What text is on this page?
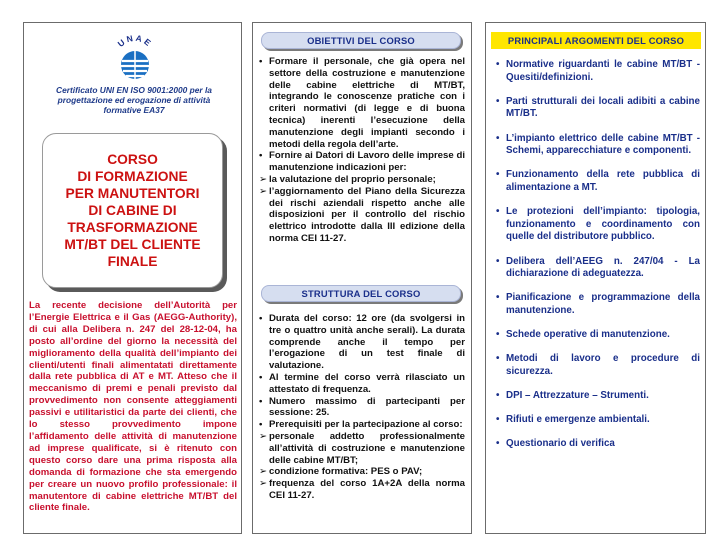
UNAE
Certificato UNI EN ISO 9001:2000 per la progettazione ed erogazione di attività formative EA37
CORSO
DI FORMAZIONE
PER MANUTENTORI
DI CABINE DI
TRASFORMAZIONE
MT/BT DEL CLIENTE
FINALE
La recente decisione dell’Autorità per l’Energie Elettrica e il Gas (AEGG-Authority), di cui alla Delibera n. 247 del 28-12-04, ha posto all’ordine del giorno la necessità del miglioramento della qualità dell’impianto dei clienti/utenti finali alimentatati direttamente dalla rete pubblica di AT e MT. Atteso che il meccanismo di premi e penali previsto dal provvedimento non consente atteggiamenti passivi e utilitaristici da parte dei clienti, che lo stesso provvedimento impone l’affidamento delle attività di manutenzione ad imprese qualificate, si è ritenuto con questo corso dare una prima risposta alla domanda di formazione che sta emergendo per creare un nuovo profilo professionale: il manutentore di cabine elettriche MT/BT del cliente finale.
OBIETTIVI DEL CORSO
• Formare il personale, che già opera nel settore della costruzione e manutenzione delle cabine elettriche di MT/BT, integrando le conoscenze pratiche con i criteri normativi (di legge e di buona tecnica) inerenti l’esecuzione della manutenzione degli impianti secondo i metodi della regola dell’arte.
• Fornire ai Datori di Lavoro delle imprese di manutenzione indicazioni per:
➢ la valutazione del proprio personale;
➢ l’aggiornamento del Piano della Sicurezza dei rischi aziendali rispetto anche alle disposizioni per il controllo del rischio elettrico introdotte dalla III edizione della norma CEI 11-27.
STRUTTURA DEL CORSO
• Durata del corso: 12 ore (da svolgersi in tre o quattro unità anche serali). La durata comprende anche il tempo per l’erogazione di un test finale di valutazione.
• Al termine del corso verrà rilasciato un attestato di frequenza.
• Numero massimo di partecipanti per sessione: 25.
• Prerequisiti per la partecipazione al corso:
➢ personale addetto professionalmente all’attività di costruzione e manutenzione delle cabine MT/BT;
➢ condizione formativa: PES o PAV;
➢ frequenza del corso 1A+2A della norma CEI 11-27.
PRINCIPALI ARGOMENTI DEL CORSO
• Normative riguardanti le cabine MT/BT - Quesiti/definizioni.
• Parti strutturali dei locali adibiti a cabine MT/BT.
• L’impianto elettrico delle cabine MT/BT - Schemi, apparecchiature e componenti.
• Funzionamento della rete pubblica di alimentazione a MT.
• Le protezioni dell’impianto: tipologia, funzionamento e coordinamento con quelle del distributore pubblico.
• Delibera dell’AEEG n. 247/04 - La dichiarazione di adeguatezza.
• Pianificazione e programmazione della manutenzione.
• Schede operative di manutenzione.
• Metodi di lavoro e procedure di sicurezza.
• DPI – Attrezzature – Strumenti.
• Rifiuti e emergenze ambientali.
• Questionario di verifica
